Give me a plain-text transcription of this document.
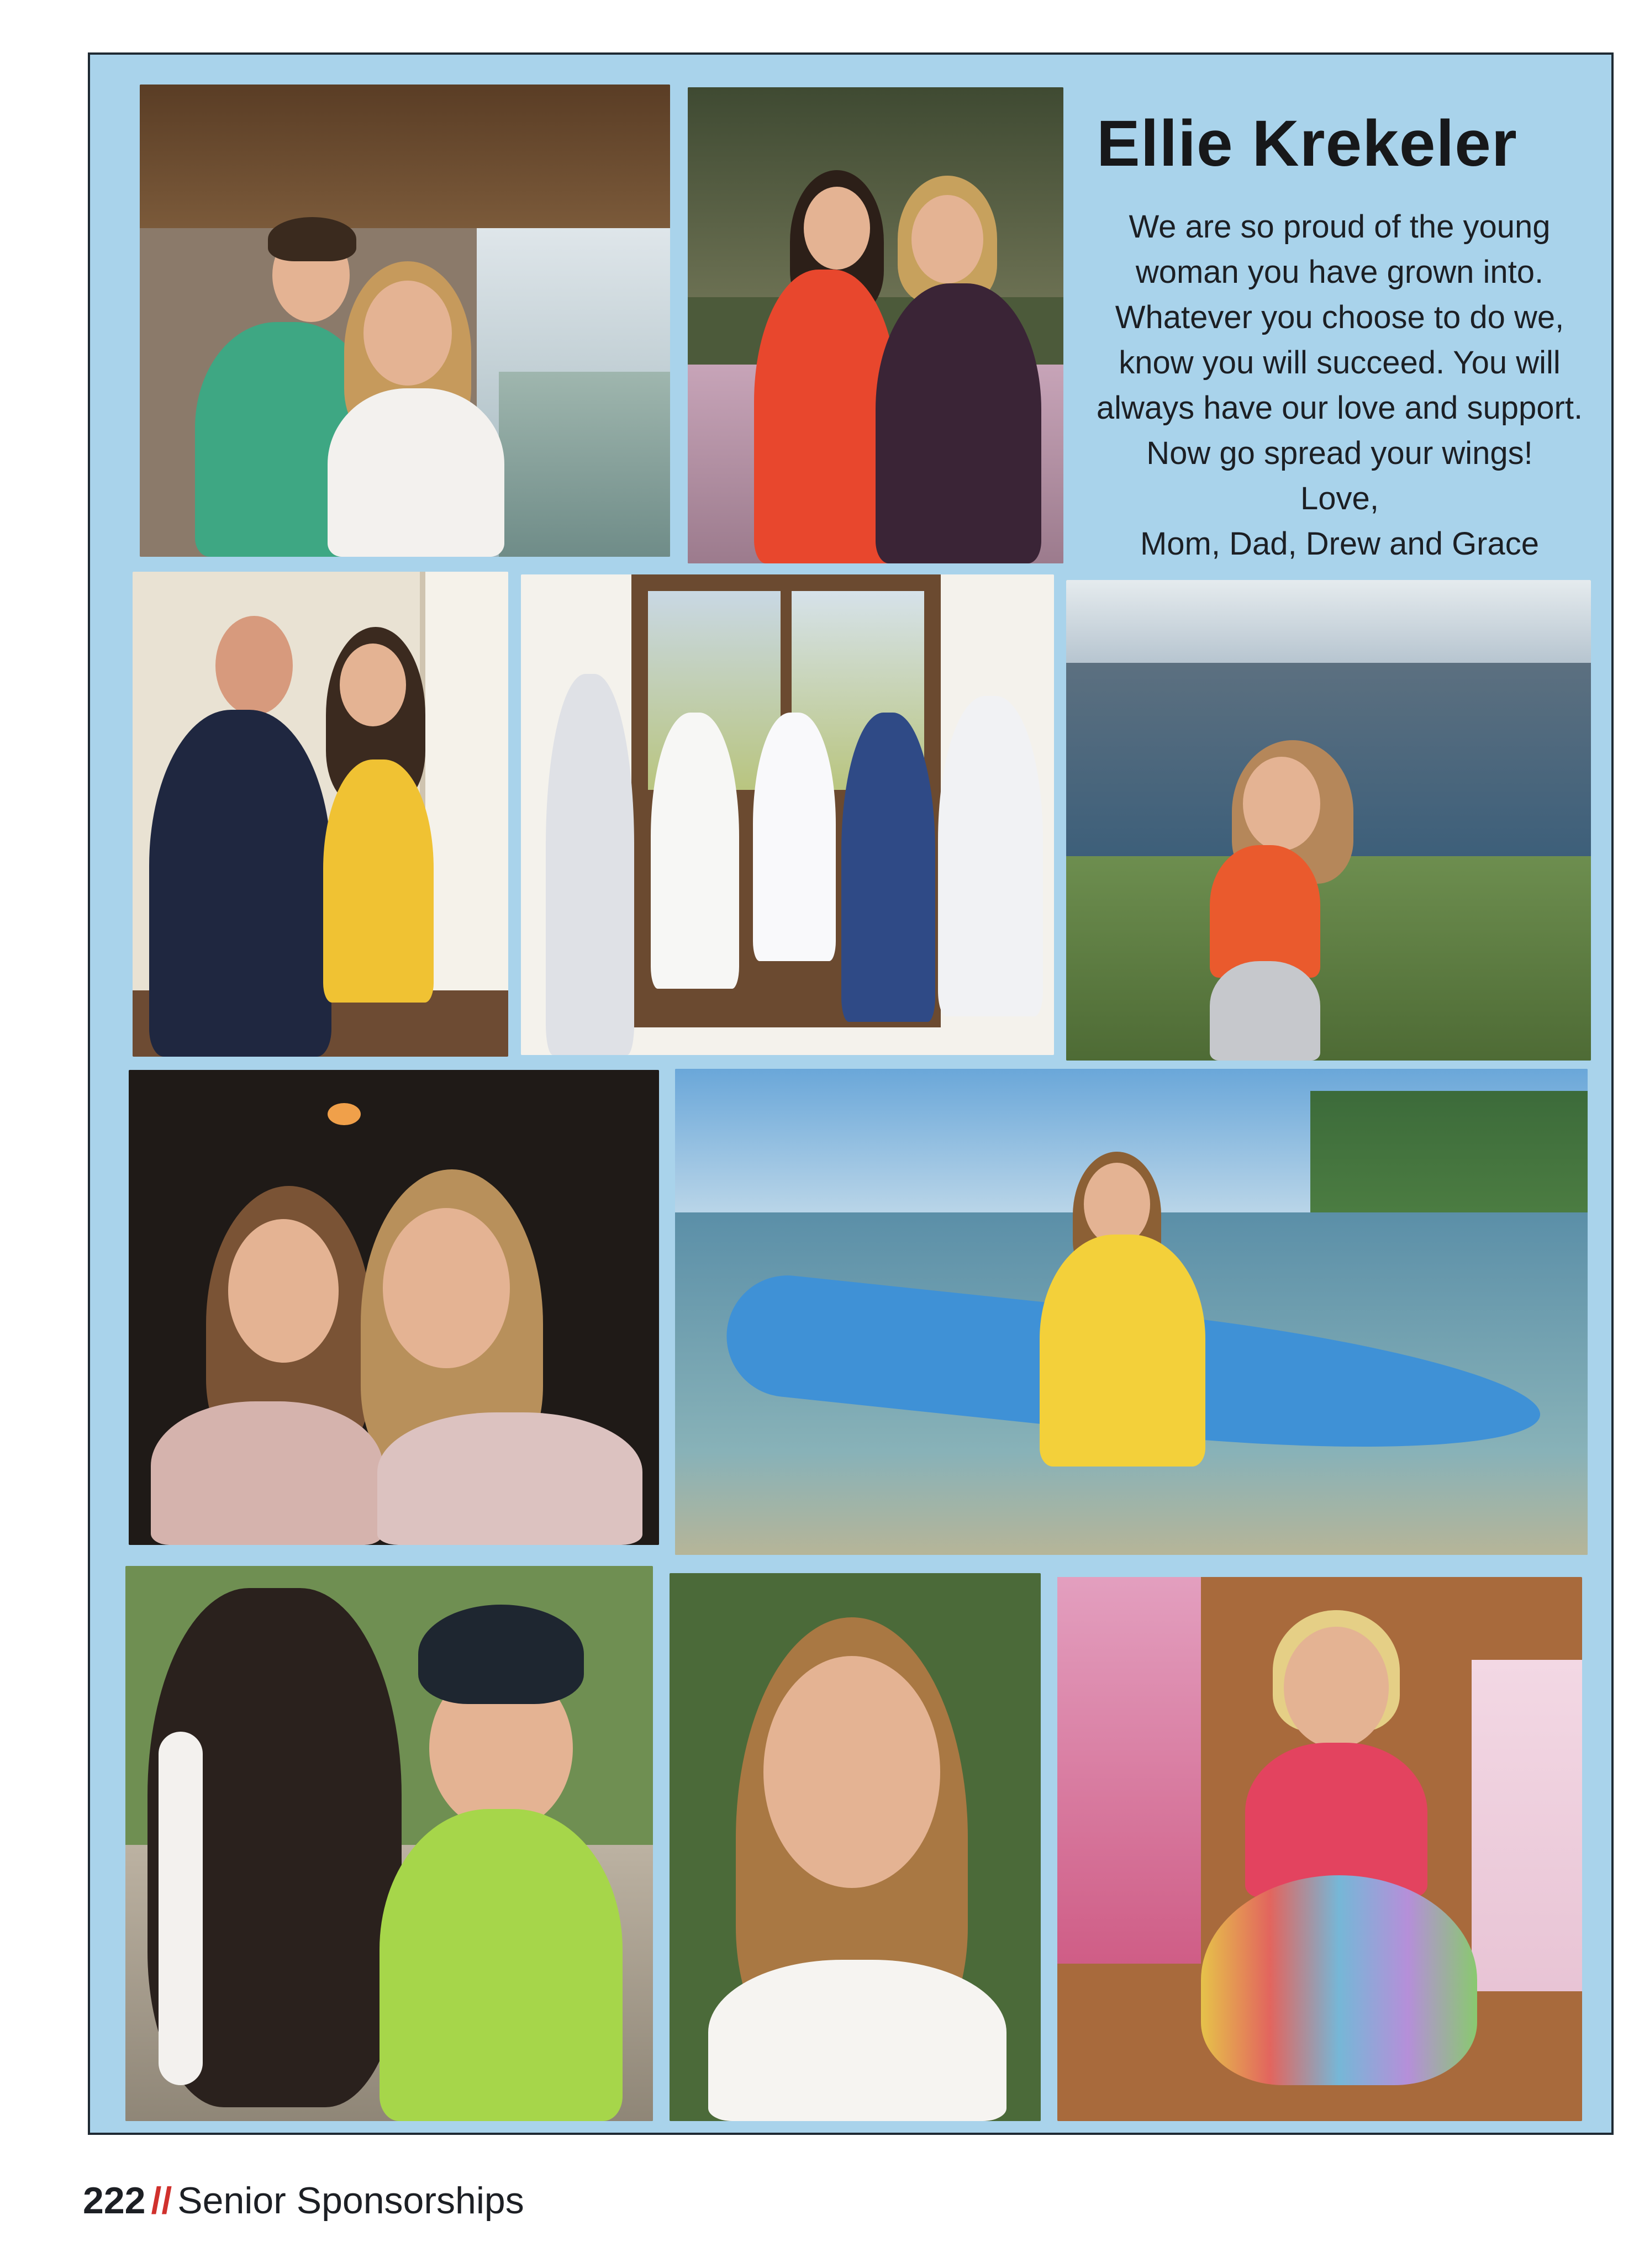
Ellie Krekeler
We are so proud of the young
woman you have grown into.
Whatever you choose to do we,
know you will succeed. You will
always have our love and support.
Now go spread your wings!
Love,
Mom, Dad, Drew and Grace
222 // Senior Sponsorships
